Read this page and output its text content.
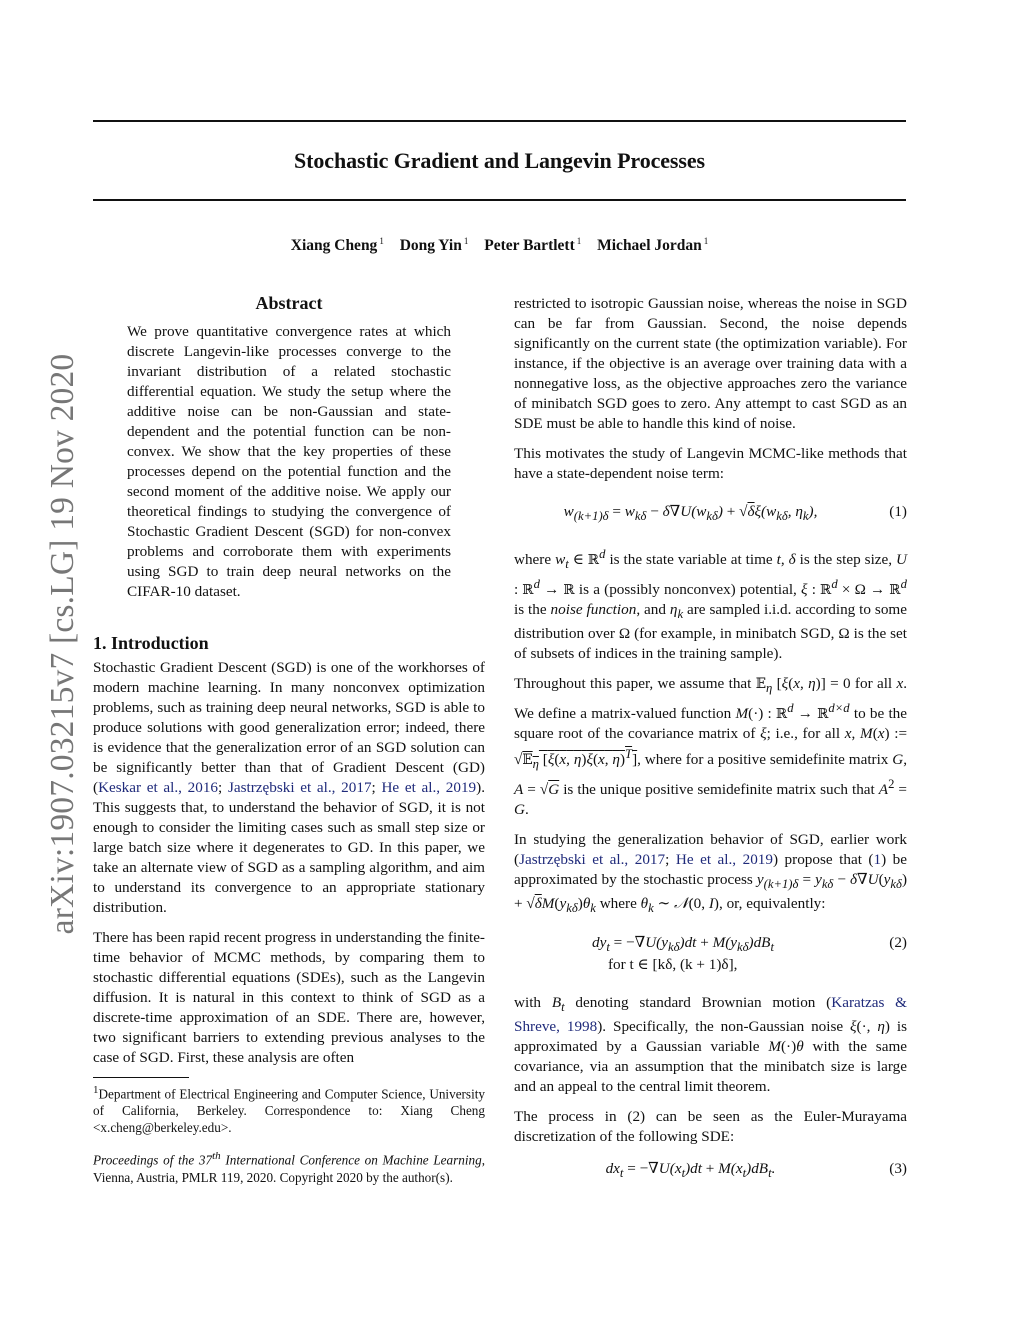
Stochastic Gradient and Langevin Processes
Xiang Cheng $^1$ Dong Yin $^1$ Peter Bartlett $^1$ Michael Jordan $^1$
arXiv:1907.03215v7 [cs.LG] 19 Nov 2020
Abstract

We prove quantitative convergence rates at which discrete Langevin-like processes converge to the invariant distribution of a related stochastic differential equation. We study the setup where the additive noise can be non-Gaussian and state-dependent and the potential function can be non-convex. We show that the key properties of these processes depend on the potential function and the second moment of the additive noise. We apply our theoretical findings to studying the convergence of Stochastic Gradient Descent (SGD) for non-convex problems and corroborate them with experiments using SGD to train deep neural networks on the CIFAR-10 dataset.

1. Introduction

Stochastic Gradient Descent (SGD) is one of the workhorses of modern machine learning. In many nonconvex optimization problems, such as training deep neural networks, SGD is able to produce solutions with good generalization error; indeed, there is evidence that the generalization error of an SGD solution can be significantly better than that of Gradient Descent (GD) (Keskar et al., 2016; Jastrzębski et al., 2017; He et al., 2019). This suggests that, to understand the behavior of SGD, it is not enough to consider the limiting cases such as small step size or large batch size where it degenerates to GD. In this paper, we take an alternate view of SGD as a sampling algorithm, and aim to understand its convergence to an appropriate stationary distribution.

There has been rapid recent progress in understanding the finite-time behavior of MCMC methods, by comparing them to stochastic differential equations (SDEs), such as the Langevin diffusion. It is natural in this context to think of SGD as a discrete-time approximation of an SDE. There are, however, two significant barriers to extending previous analyses to the case of SGD. First, these analysis are often

$^1$Department of Electrical Engineering and Computer Science, University of California, Berkeley. Correspondence to: Xiang Cheng <x.cheng@berkeley.edu>.

Proceedings of the 37th International Conference on Machine Learning, Vienna, Austria, PMLR 119, 2020. Copyright 2020 by the author(s).

restricted to isotropic Gaussian noise, whereas the noise in SGD can be far from Gaussian. Second, the noise depends significantly on the current state (the optimization variable). For instance, if the objective is an average over training data with a nonnegative loss, as the objective approaches zero the variance of minibatch SGD goes to zero. Any attempt to cast SGD as an SDE must be able to handle this kind of noise.

This motivates the study of Langevin MCMC-like methods that have a state-dependent noise term:

$w_{(k+1)\delta} = w_{k\delta} - \delta\nabla U(w_{k\delta}) + √\delta\xi(w_{k\delta}$, $\eta_k$),	(1)

where $w_t$ ∈ ℝ$^d$ is the state variable at time t, δ is the step size, U : ℝ$^d$ → ℝ is a (possibly nonconvex) potential, ξ : ℝ$^d$ × Ω → ℝ$^d$ is the noise function, and $\eta_k$ are sampled i.i.d. according to some distribution over Ω (for example, in minibatch SGD, Ω is the set of subsets of indices in the training sample).

Throughout this paper, we assume that 𝔼$_\eta$ [ξ(x, η)] = 0 for all x. We define a matrix-valued function M(·) : ℝ$^d$ → ℝ$^{d\times d}$ to be the square root of the covariance matrix of ξ; i.e., for all x, M(x) := √𝔼$_\eta$ [ξ(x, η)ξ(x, η)$^T$], where for a positive semidefinite matrix G, A = √G is the unique positive semidefinite matrix such that $A^2 = G$.

In studying the generalization behavior of SGD, earlier work (Jastrzębski et al., 2017; He et al., 2019) propose that (1) be approximated by the stochastic process $y_{(k+1)\delta} = y_{k\delta} - \delta\nabla U(y_{k\delta}) + √\delta M(y_{k\delta})\theta_k$ where $\theta_k$ ∼ 𝒩(0, I), or, equivalently:

$dy_t = -\nabla U(y_{k\delta})dt + M(y_{k\delta})dB_t$
for t ∈ [kδ, (k + 1)δ],
(2)

with $B_t$ denoting standard Brownian motion (Karatzas & Shreve, 1998). Specifically, the non-Gaussian noise ξ(·, η) is approximated by a Gaussian variable M(·)θ with the same covariance, via an assumption that the minibatch size is large and an appeal to the central limit theorem.

The process in (2) can be seen as the Euler-Murayama discretization of the following SDE:

$dx_t = -\nabla U(x_t)dt + M(x_t)dB_t$.	(3)
